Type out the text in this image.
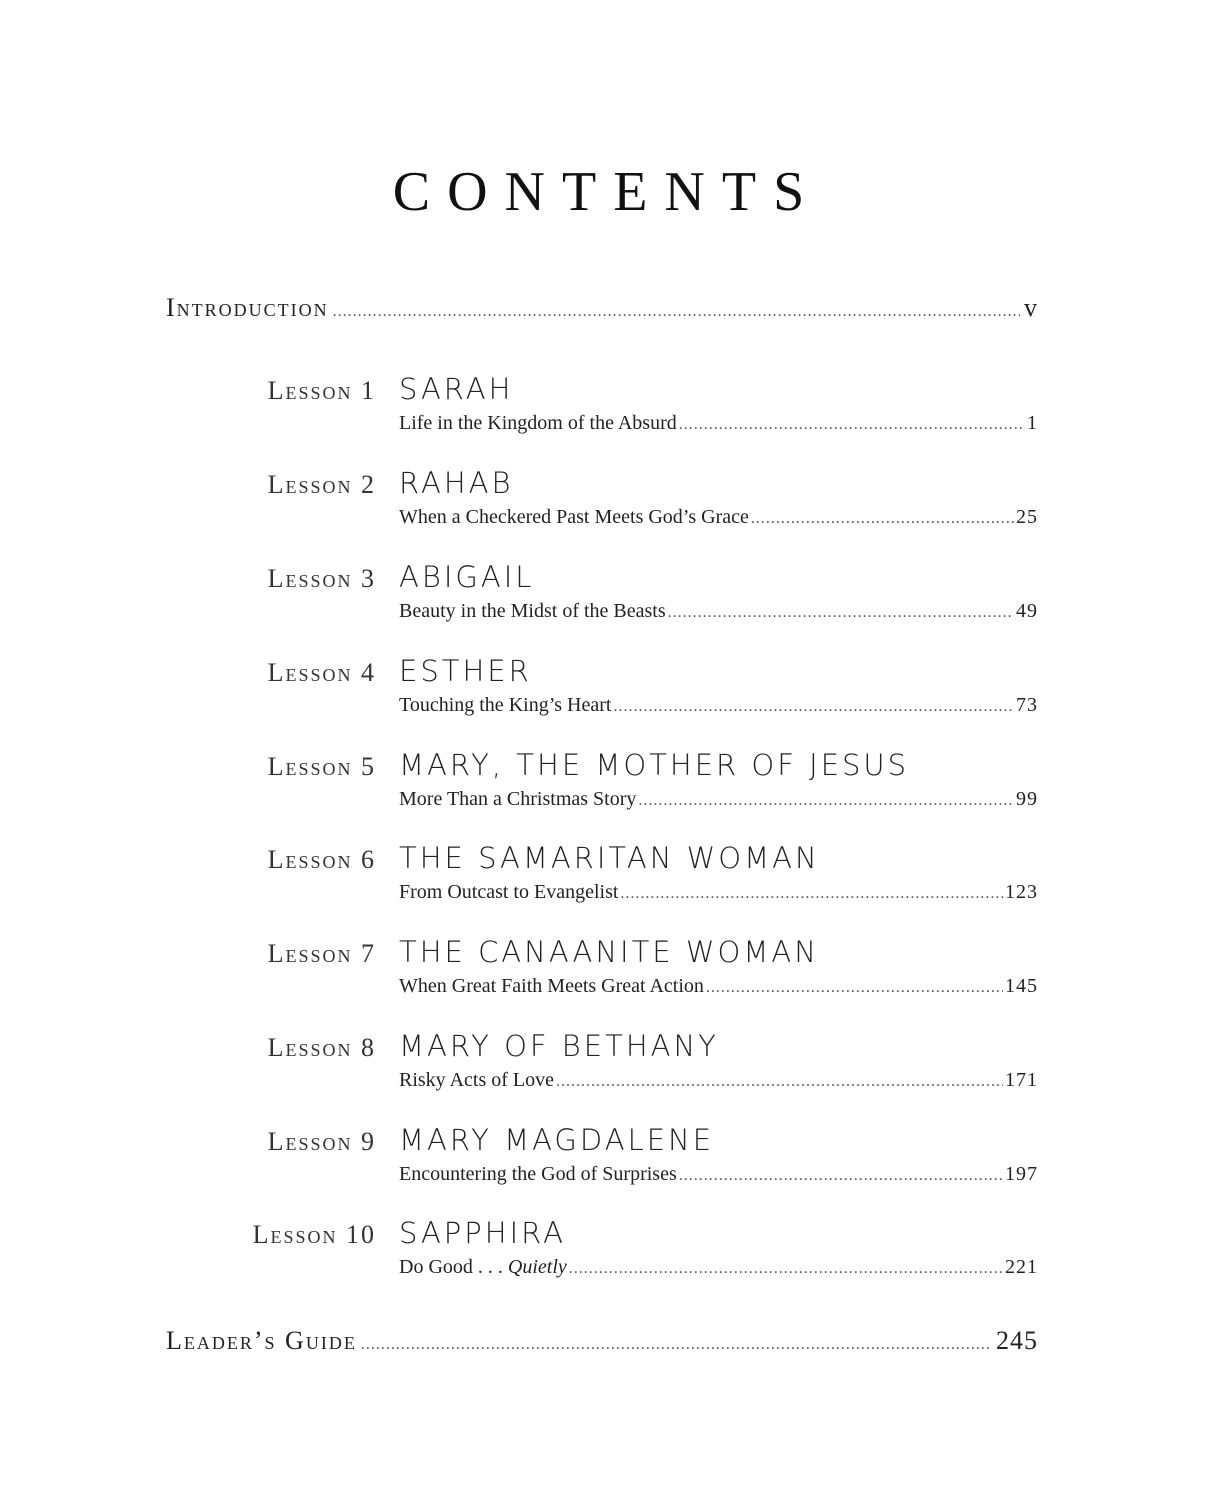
CONTENTS
Introduction .....	v
Lesson 1 SARAH
Life in the Kingdom of the Absurd .....	1
Lesson 2 RAHAB
When a Checkered Past Meets God’s Grace .....	25
Lesson 3 ABIGAIL
Beauty in the Midst of the Beasts .....	49
Lesson 4 ESTHER
Touching the King’s Heart .....	73
Lesson 5 MARY, THE MOTHER OF JESUS
More Than a Christmas Story .....	99
Lesson 6 THE SAMARITAN WOMAN
From Outcast to Evangelist .....	123
Lesson 7 THE CANAANITE WOMAN
When Great Faith Meets Great Action .....	145
Lesson 8 MARY OF BETHANY
Risky Acts of Love .....	171
Lesson 9 MARY MAGDALENE
Encountering the God of Surprises .....	197
Lesson 10 SAPPHIRA
Do Good . . . Quietly .....	221
Leader’s Guide .....	245
